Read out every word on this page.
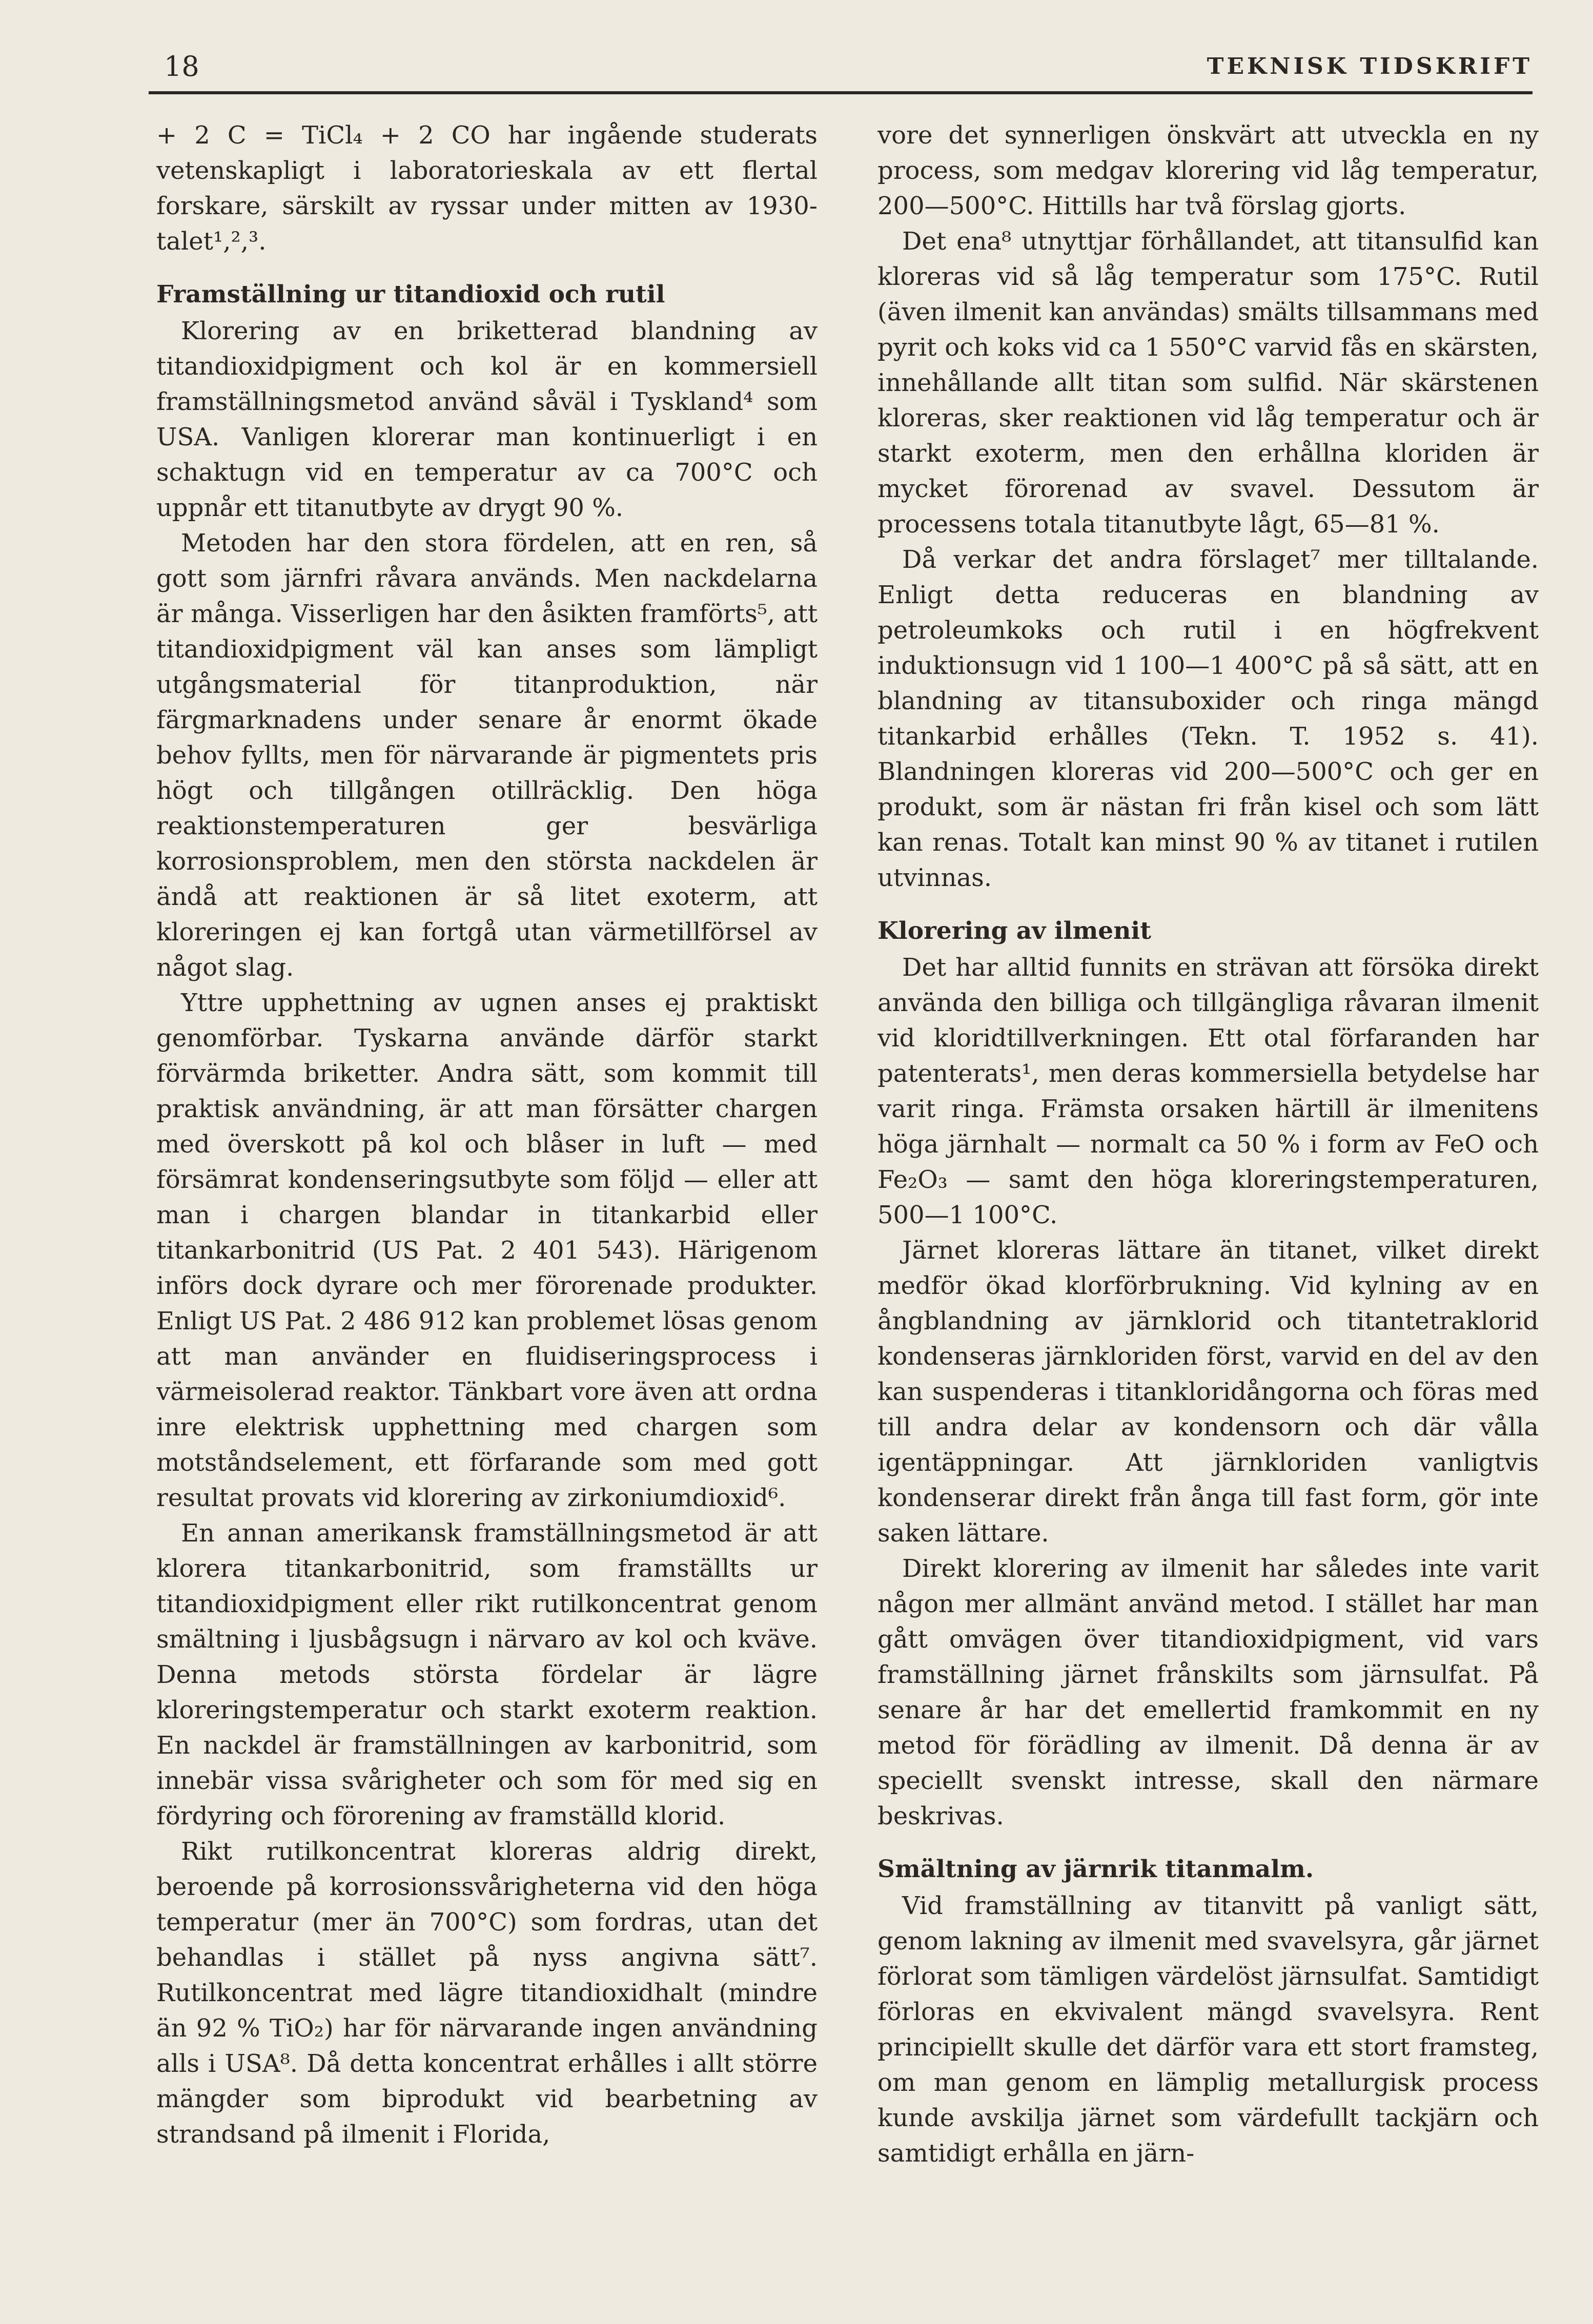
18	TEKNISK TIDSKRIFT

+ 2 C = TiCl₄ + 2 CO har ingående studerats vetenskapligt i laboratorieskala av ett flertal forskare, särskilt av ryssar under mitten av 1930-talet¹,²,³.

Framställning ur titandioxid och rutil

Klorering av en briketterad blandning av titandioxidpigment och kol är en kommersiell framställningsmetod använd såväl i Tyskland⁴ som USA. Vanligen klorerar man kontinuerligt i en schaktugn vid en temperatur av ca 700°C och uppnår ett titanutbyte av drygt 90 %.

Metoden har den stora fördelen, att en ren, så gott som järnfri råvara används. Men nackdelarna är många. Visserligen har den åsikten framförts⁵, att titandioxidpigment väl kan anses som lämpligt utgångsmaterial för titanproduktion, när färgmarknadens under senare år enormt ökade behov fyllts, men för närvarande är pigmentets pris högt och tillgången otillräcklig. Den höga reaktionstemperaturen ger besvärliga korrosionsproblem, men den största nackdelen är ändå att reaktionen är så litet exoterm, att kloreringen ej kan fortgå utan värmetillförsel av något slag.

Yttre upphettning av ugnen anses ej praktiskt genomförbar. Tyskarna använde därför starkt förvärmda briketter. Andra sätt, som kommit till praktisk användning, är att man försätter chargen med överskott på kol och blåser in luft — med försämrat kondenseringsutbyte som följd — eller att man i chargen blandar in titankarbid eller titankarbonitrid (US Pat. 2 401 543). Härigenom införs dock dyrare och mer förorenade produkter. Enligt US Pat. 2 486 912 kan problemet lösas genom att man använder en fluidiseringsprocess i värmeisolerad reaktor. Tänkbart vore även att ordna inre elektrisk upphettning med chargen som motståndselement, ett förfarande som med gott resultat provats vid klorering av zirkoniumdioxid⁶.

En annan amerikansk framställningsmetod är att klorera titankarbonitrid, som framställts ur titandioxidpigment eller rikt rutilkoncentrat genom smältning i ljusbågsugn i närvaro av kol och kväve. Denna metods största fördelar är lägre kloreringstemperatur och starkt exoterm reaktion. En nackdel är framställningen av karbonitrid, som innebär vissa svårigheter och som för med sig en fördyring och förorening av framställd klorid.

Rikt rutilkoncentrat kloreras aldrig direkt, beroende på korrosionssvårigheterna vid den höga temperatur (mer än 700°C) som fordras, utan det behandlas i stället på nyss angivna sätt⁷. Rutilkoncentrat med lägre titandioxidhalt (mindre än 92 % TiO₂) har för närvarande ingen användning alls i USA⁸. Då detta koncentrat erhålles i allt större mängder som biprodukt vid bearbetning av strandsand på ilmenit i Florida,

vore det synnerligen önskvärt att utveckla en ny process, som medgav klorering vid låg temperatur, 200—500°C. Hittills har två förslag gjorts.

Det ena⁸ utnyttjar förhållandet, att titansulfid kan kloreras vid så låg temperatur som 175°C. Rutil (även ilmenit kan användas) smälts tillsammans med pyrit och koks vid ca 1 550°C varvid fås en skärsten, innehållande allt titan som sulfid. När skärstenen kloreras, sker reaktionen vid låg temperatur och är starkt exoterm, men den erhållna kloriden är mycket förorenad av svavel. Dessutom är processens totala titanutbyte lågt, 65—81 %.

Då verkar det andra förslaget⁷ mer tilltalande. Enligt detta reduceras en blandning av petroleumkoks och rutil i en högfrekvent induktionsugn vid 1 100—1 400°C på så sätt, att en blandning av titansuboxider och ringa mängd titankarbid erhålles (Tekn. T. 1952 s. 41). Blandningen kloreras vid 200—500°C och ger en produkt, som är nästan fri från kisel och som lätt kan renas. Totalt kan minst 90 % av titanet i rutilen utvinnas.

Klorering av ilmenit

Det har alltid funnits en strävan att försöka direkt använda den billiga och tillgängliga råvaran ilmenit vid kloridtillverkningen. Ett otal förfaranden har patenterats¹, men deras kommersiella betydelse har varit ringa. Främsta orsaken härtill är ilmenitens höga järnhalt — normalt ca 50 % i form av FeO och Fe₂O₃ — samt den höga kloreringstemperaturen, 500—1 100°C.

Järnet kloreras lättare än titanet, vilket direkt medför ökad klorförbrukning. Vid kylning av en ångblandning av järnklorid och titantetraklorid kondenseras järnkloriden först, varvid en del av den kan suspenderas i titankloridångorna och föras med till andra delar av kondensorn och där vålla igentäppningar. Att järnkloriden vanligtvis kondenserar direkt från ånga till fast form, gör inte saken lättare.

Direkt klorering av ilmenit har således inte varit någon mer allmänt använd metod. I stället har man gått omvägen över titandioxidpigment, vid vars framställning järnet frånskilts som järnsulfat. På senare år har det emellertid framkommit en ny metod för förädling av ilmenit. Då denna är av speciellt svenskt intresse, skall den närmare beskrivas.

Smältning av järnrik titanmalm.

Vid framställning av titanvitt på vanligt sätt, genom lakning av ilmenit med svavelsyra, går järnet förlorat som tämligen värdelöst järnsulfat. Samtidigt förloras en ekvivalent mängd svavelsyra. Rent principiellt skulle det därför vara ett stort framsteg, om man genom en lämplig metallurgisk process kunde avskilja järnet som värdefullt tackjärn och samtidigt erhålla en järn-
